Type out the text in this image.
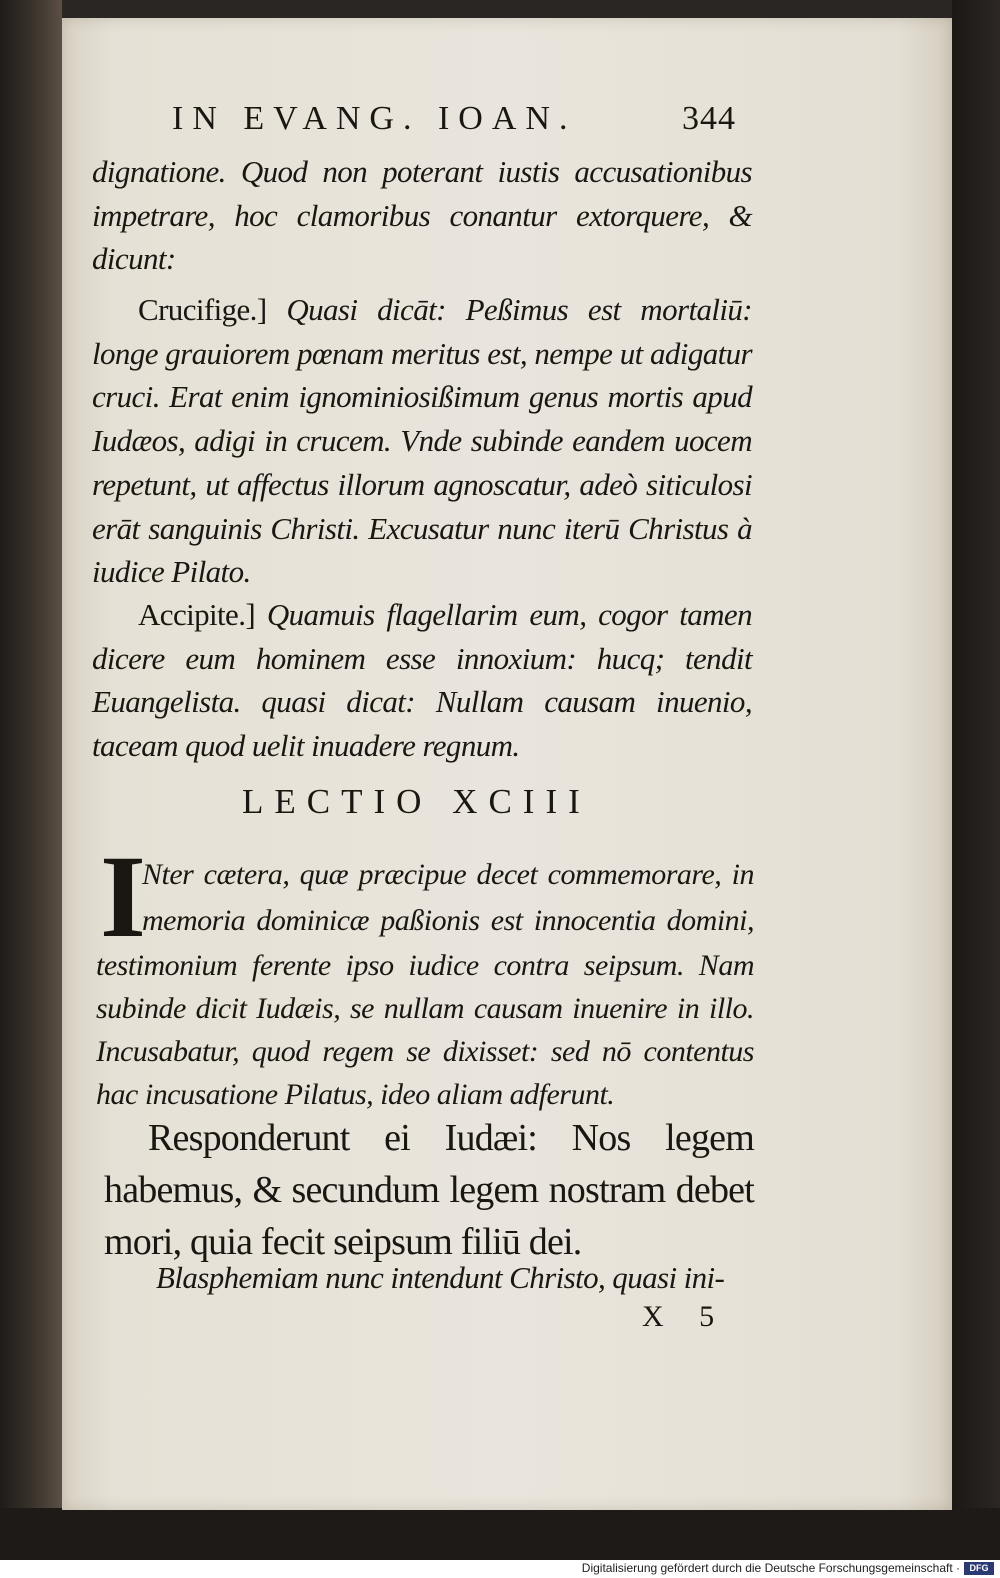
IN EVANG. IOAN.	344
dignatione. Quod non poterant iustis accusationibus impetrare, hoc clamoribus conantur extorquere, & dicunt:
Crucifige.] Quasi dicāt: Peßimus est mortaliū: longe grauiorem pœnam meritus est, nempe ut adigatur cruci. Erat enim ignominiosißimum genus mortis apud Iudæos, adigi in crucem. Vnde subinde eandem uocem repetunt, ut affectus illorum agnoscatur, adeò siticulosi erāt sanguinis Christi. Excusatur nunc iterū Christus à iudice Pilato.
Accipite.] Quamuis flagellarim eum, cogor tamen dicere eum hominem esse innoxium: hucq; tendit Euangelista. quasi dicat: Nullam causam inuenio, taceam quod uelit inuadere regnum.
LECTIO XCIII
I
Nter cætera, quæ præcipue decet commemorare, in memoria dominicæ paßionis est innocentia domini,
testimonium ferente ipso iudice contra seipsum. Nam subinde dicit Iudæis, se nullam causam inuenire in illo. Incusabatur, quod regem se dixisset: sed nō contentus hac incusatione Pilatus, ideo aliam adferunt.
Responderunt ei Iudæi: Nos legem habemus, & secundum legem nostram debet mori, quia fecit seipsum filiū dei.
Blasphemiam nunc intendunt Christo, quasi ini-
X 5
Digitalisierung gefördert durch die Deutsche Forschungsgemeinschaft ·	DFG
